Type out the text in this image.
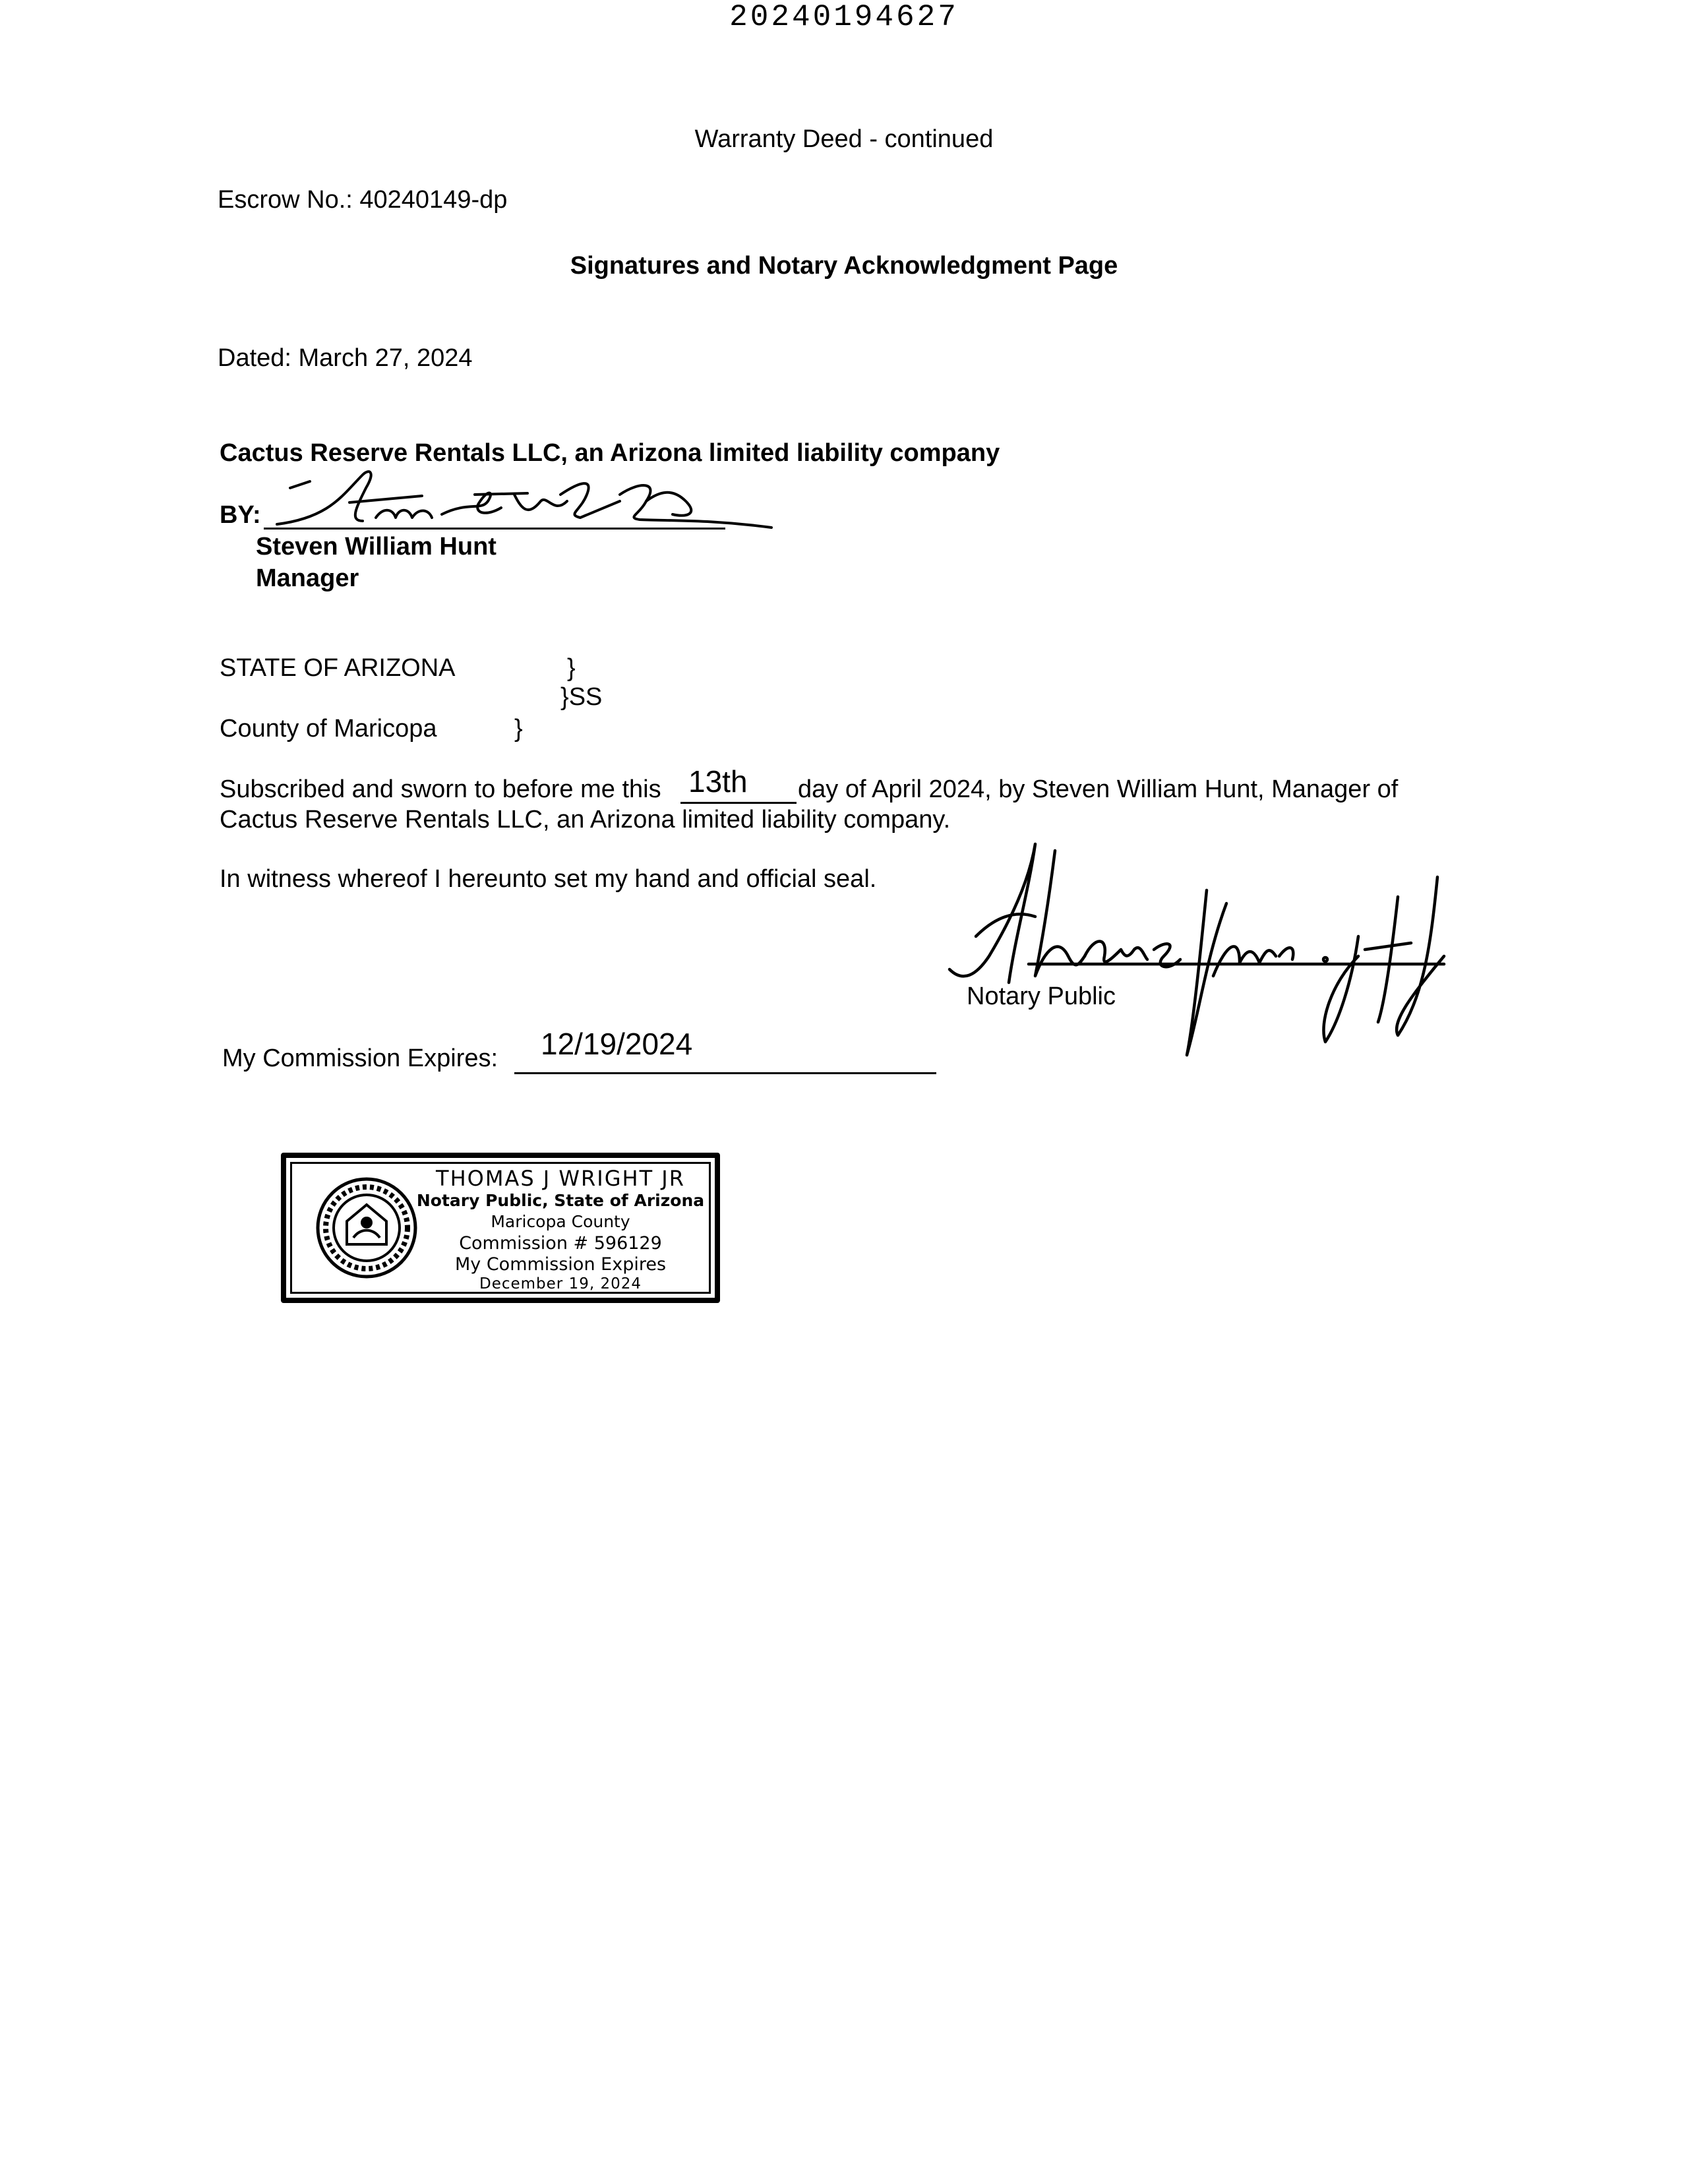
20240194627
Warranty Deed - continued
Escrow No.: 40240149-dp
Signatures and Notary Acknowledgment Page
Dated: March 27, 2024
Cactus Reserve Rentals LLC, an Arizona limited liability company
BY:
Steven William Hunt
Manager
STATE OF ARIZONA	}
}SS
County of Maricopa	}
Subscribed and sworn to before me this 13th day of April 2024, by Steven William Hunt, Manager of
Cactus Reserve Rentals LLC, an Arizona limited liability company.
In witness whereof I hereunto set my hand and official seal.
Notary Public
My Commission Expires: 12/19/2024
THOMAS J WRIGHT JR
Notary Public, State of Arizona
Maricopa County
Commission # 596129
My Commission Expires
December 19, 2024
